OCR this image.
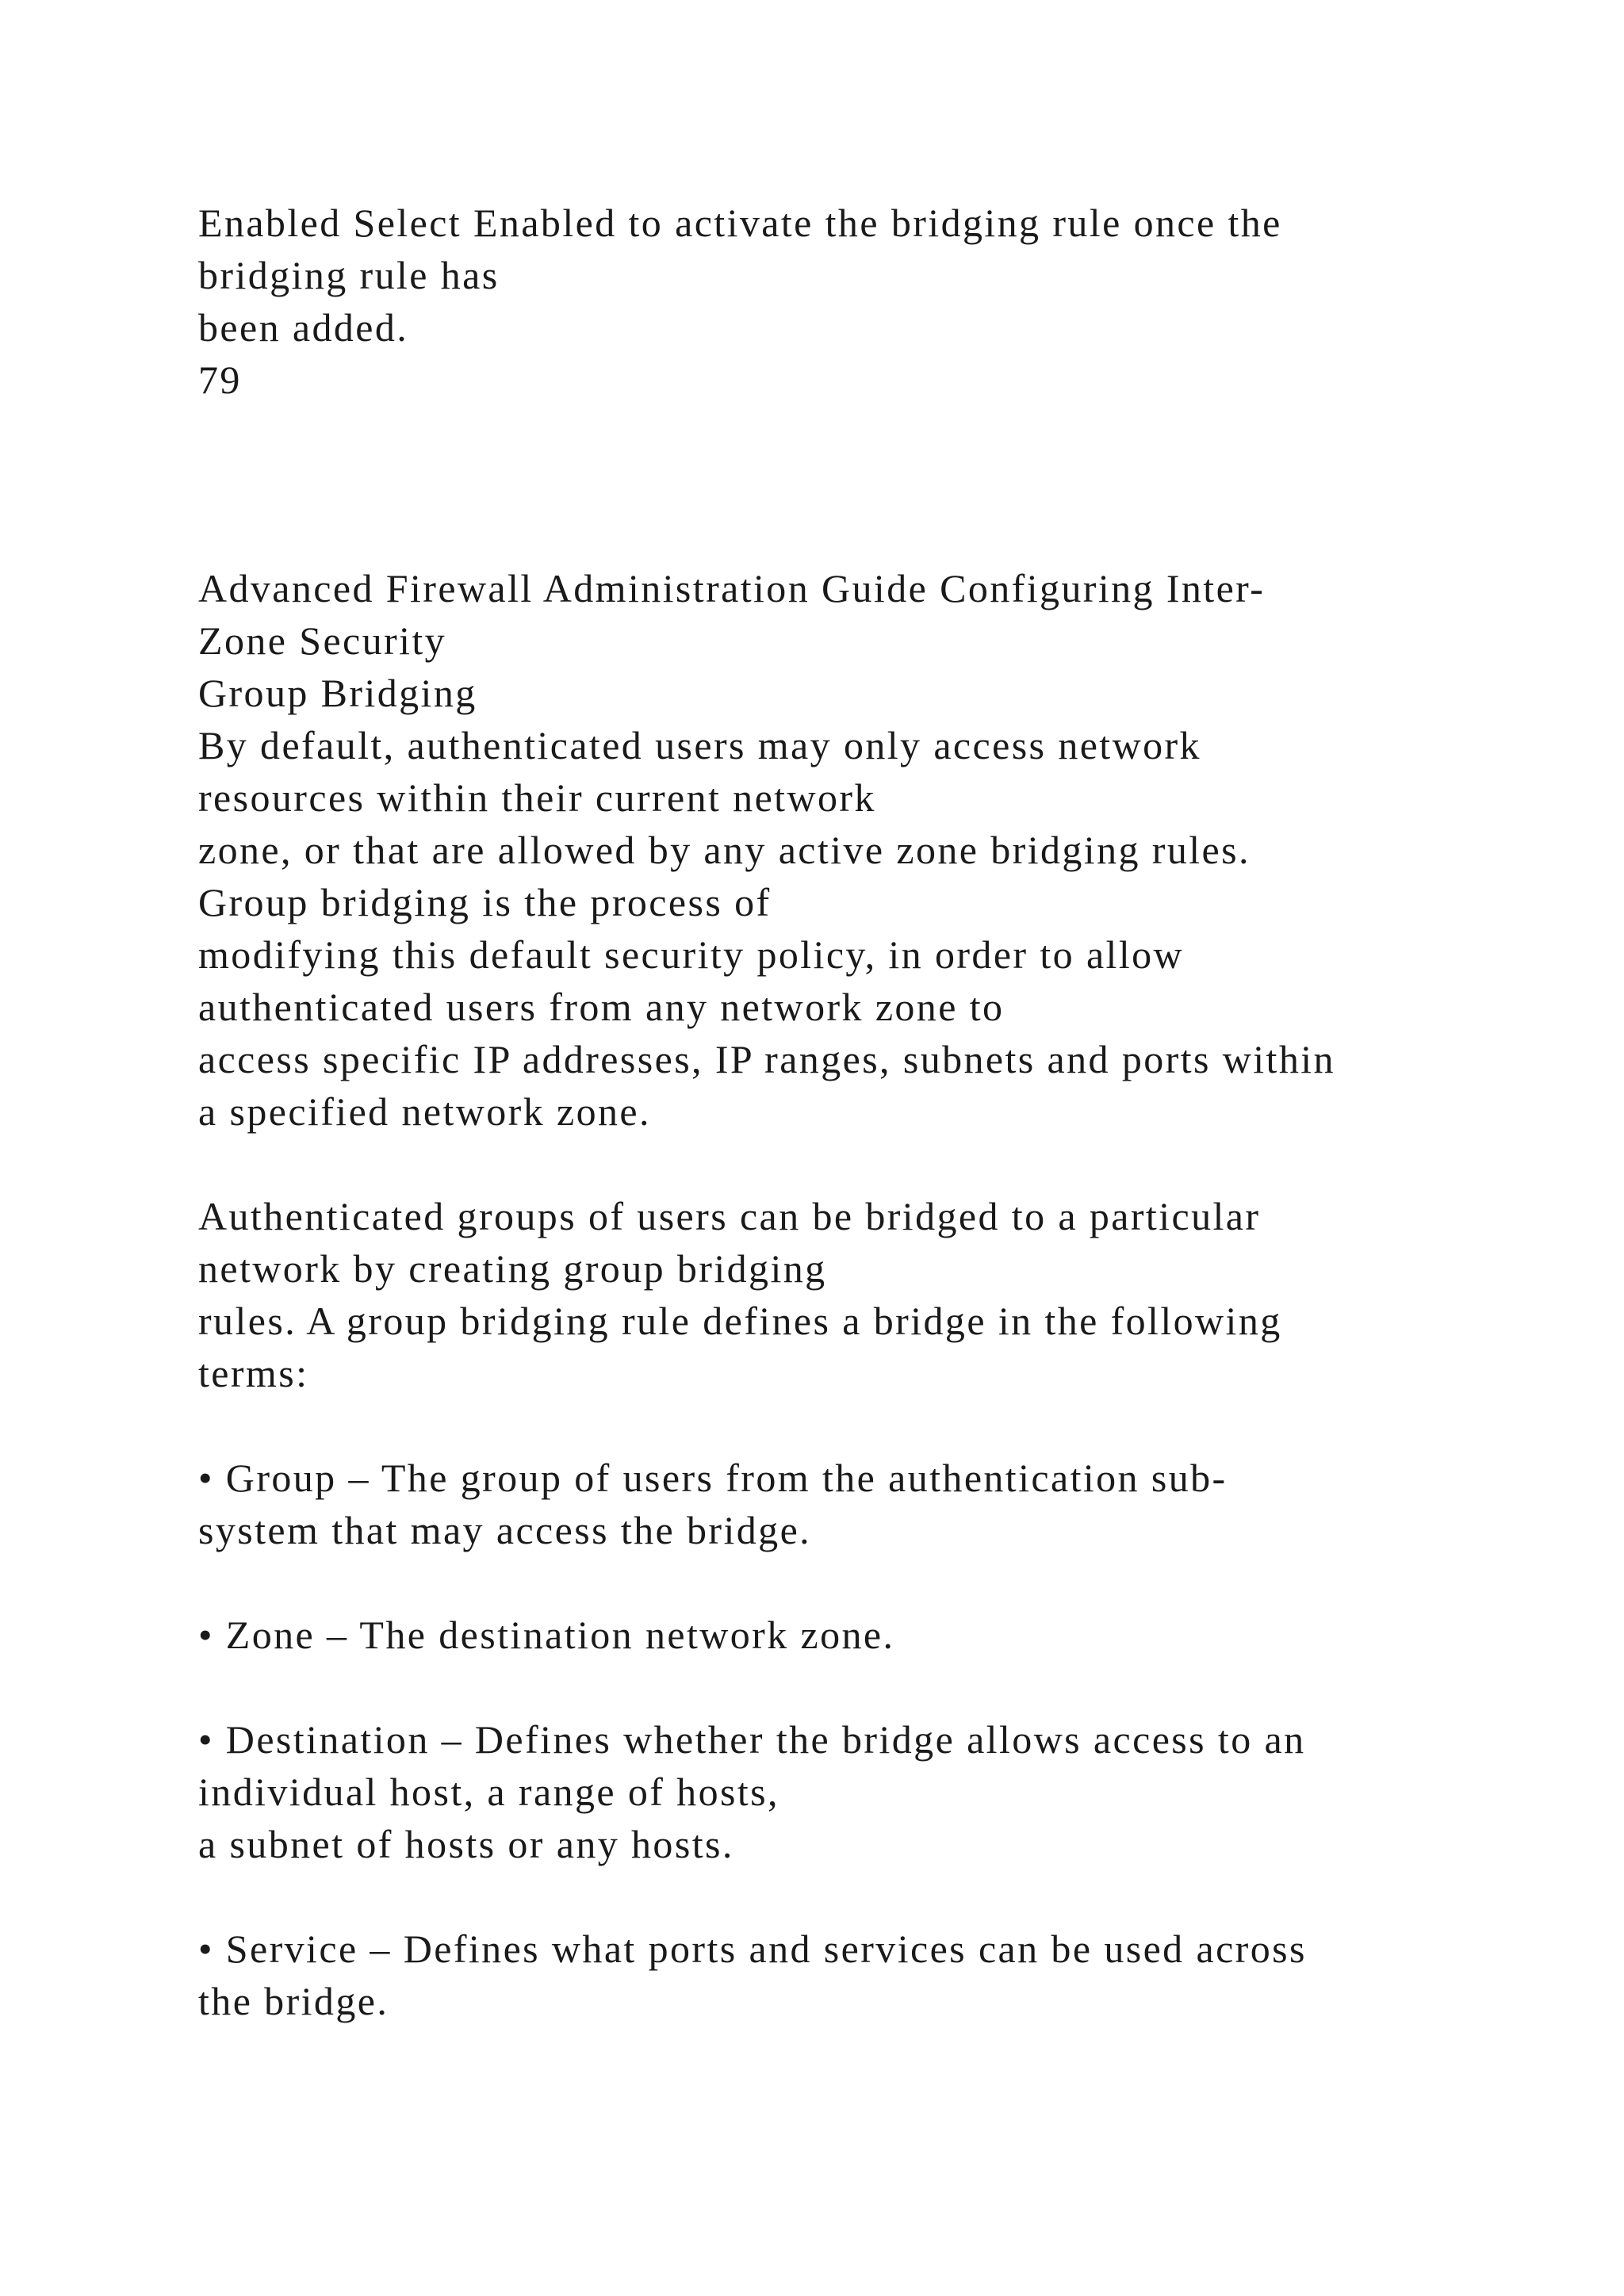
Enabled Select Enabled to activate the bridging rule once the

bridging rule has

been added.

79

Advanced Firewall Administration Guide Configuring Inter-

Zone Security

Group Bridging

By default, authenticated users may only access network

resources within their current network

zone, or that are allowed by any active zone bridging rules.

Group bridging is the process of

modifying this default security policy, in order to allow

authenticated users from any network zone to

access specific IP addresses, IP ranges, subnets and ports within

a specified network zone.

Authenticated groups of users can be bridged to a particular

network by creating group bridging

rules. A group bridging rule defines a bridge in the following

terms:

• Group – The group of users from the authentication sub-

system that may access the bridge.

• Zone – The destination network zone.

• Destination – Defines whether the bridge allows access to an

individual host, a range of hosts,

a subnet of hosts or any hosts.

• Service – Defines what ports and services can be used across

the bridge.
